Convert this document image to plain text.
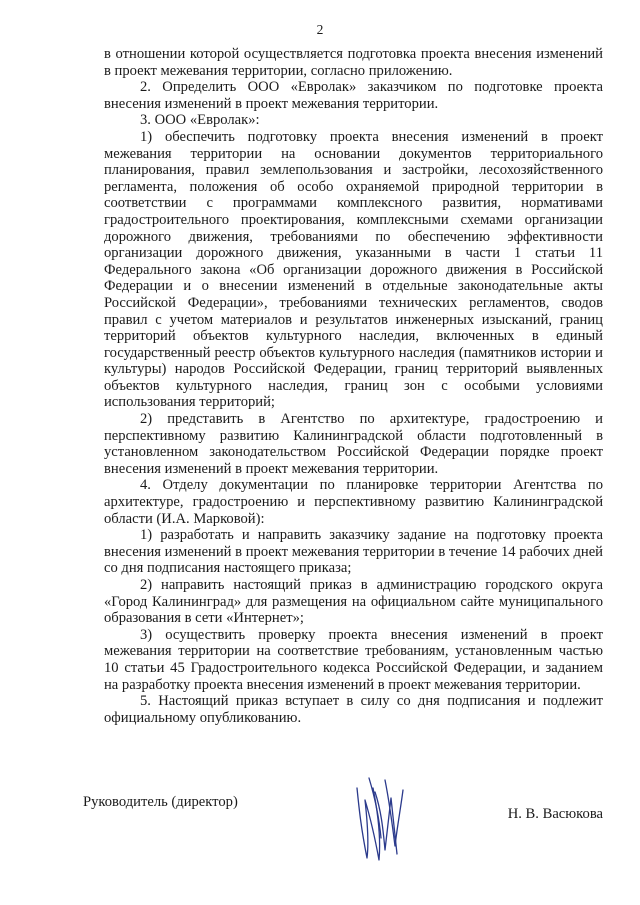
2

в отношении которой осуществляется подготовка проекта внесения изменений в проект межевания территории, согласно приложению.

2. Определить ООО «Евролак» заказчиком по подготовке проекта внесения изменений в проект межевания территории.

3. ООО «Евролак»:

1) обеспечить подготовку проекта внесения изменений в проект межевания территории на основании документов территориального планирования, правил землепользования и застройки, лесохозяйственного регламента, положения об особо охраняемой природной территории в соответствии с программами комплексного развития, нормативами градостроительного проектирования, комплексными схемами организации дорожного движения, требованиями по обеспечению эффективности организации дорожного движения, указанными в части 1 статьи 11 Федерального закона «Об организации дорожного движения в Российской Федерации и о внесении изменений в отдельные законодательные акты Российской Федерации», требованиями технических регламентов, сводов правил с учетом материалов и результатов инженерных изысканий, границ территорий объектов культурного наследия, включенных в единый государственный реестр объектов культурного наследия (памятников истории и культуры) народов Российской Федерации, границ территорий выявленных объектов культурного наследия, границ зон с особыми условиями использования территорий;

2) представить в Агентство по архитектуре, градостроению и перспективному развитию Калининградской области подготовленный в установленном законодательством Российской Федерации порядке проект внесения изменений в проект межевания территории.

4. Отделу документации по планировке территории Агентства по архитектуре, градостроению и перспективному развитию Калининградской области (И.А. Марковой):

1) разработать и направить заказчику задание на подготовку проекта внесения изменений в проект межевания территории в течение 14 рабочих дней со дня подписания настоящего приказа;

2) направить настоящий приказ в администрацию городского округа «Город Калининград» для размещения на официальном сайте муниципального образования в сети «Интернет»;

3) осуществить проверку проекта внесения изменений в проект межевания территории на соответствие требованиям, установленным частью 10 статьи 45 Градостроительного кодекса Российской Федерации, и заданием на разработку проекта внесения изменений в проект межевания территории.

5. Настоящий приказ вступает в силу со дня подписания и подлежит официальному опубликованию.

Руководитель (директор)
Н. В. Васюкова
